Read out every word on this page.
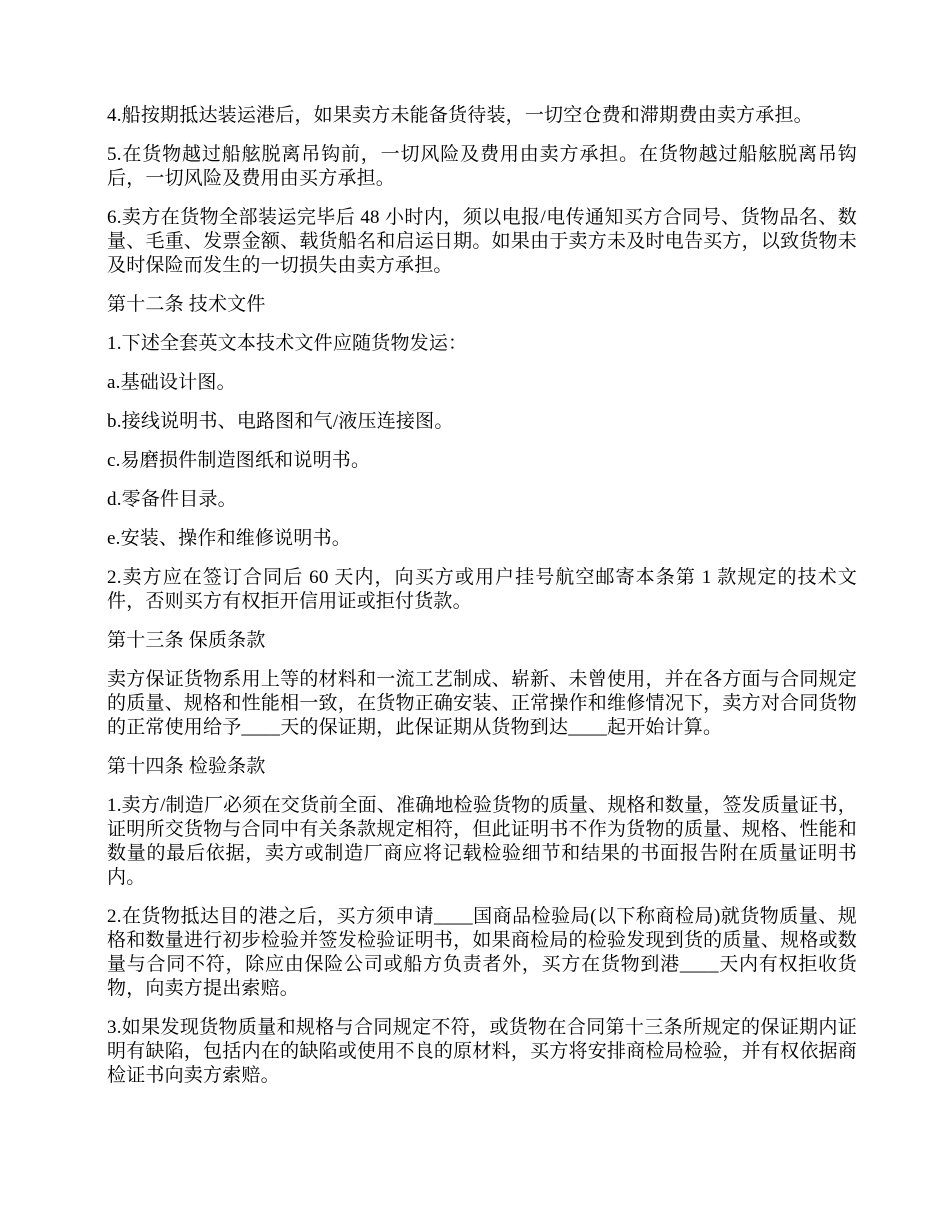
4.船按期抵达装运港后，如果卖方未能备货待装，一切空仓费和滞期费由卖方承担。

5.在货物越过船舷脱离吊钩前，一切风险及费用由卖方承担。在货物越过船舷脱离吊钩后，一切风险及费用由买方承担。

6.卖方在货物全部装运完毕后 48 小时内，须以电报/电传通知买方合同号、货物品名、数量、毛重、发票金额、载货船名和启运日期。如果由于卖方未及时电告买方，以致货物未及时保险而发生的一切损失由卖方承担。

第十二条 技术文件

1.下述全套英文本技术文件应随货物发运：

a.基础设计图。

b.接线说明书、电路图和气/液压连接图。

c.易磨损件制造图纸和说明书。

d.零备件目录。

e.安装、操作和维修说明书。

2.卖方应在签订合同后 60 天内，向买方或用户挂号航空邮寄本条第 1 款规定的技术文件，否则买方有权拒开信用证或拒付货款。

第十三条 保质条款

卖方保证货物系用上等的材料和一流工艺制成、崭新、未曾使用，并在各方面与合同规定的质量、规格和性能相一致，在货物正确安装、正常操作和维修情况下，卖方对合同货物的正常使用给予____天的保证期，此保证期从货物到达____起开始计算。

第十四条 检验条款

1.卖方/制造厂必须在交货前全面、准确地检验货物的质量、规格和数量，签发质量证书，证明所交货物与合同中有关条款规定相符，但此证明书不作为货物的质量、规格、性能和数量的最后依据，卖方或制造厂商应将记载检验细节和结果的书面报告附在质量证明书内。

2.在货物抵达目的港之后，买方须申请____国商品检验局(以下称商检局)就货物质量、规格和数量进行初步检验并签发检验证明书，如果商检局的检验发现到货的质量、规格或数量与合同不符，除应由保险公司或船方负责者外，买方在货物到港____天内有权拒收货物，向卖方提出索赔。

3.如果发现货物质量和规格与合同规定不符，或货物在合同第十三条所规定的保证期内证明有缺陷，包括内在的缺陷或使用不良的原材料，买方将安排商检局检验，并有权依据商检证书向卖方索赔。
